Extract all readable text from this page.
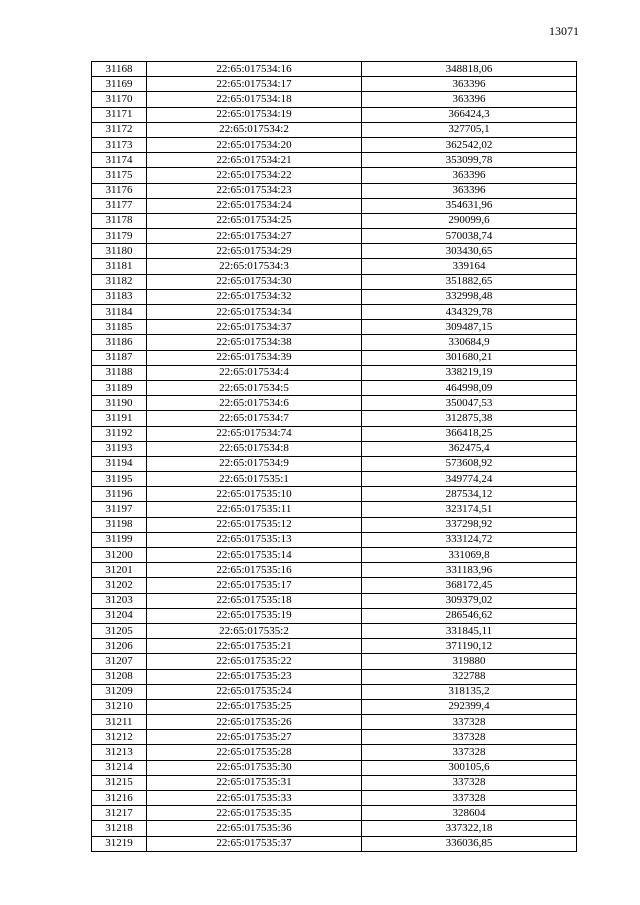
13071
31168	22:65:017534:16	348818,06
31169	22:65:017534:17	363396
31170	22:65:017534:18	363396
31171	22:65:017534:19	366424,3
31172	22:65:017534:2	327705,1
31173	22:65:017534:20	362542,02
31174	22:65:017534:21	353099,78
31175	22:65:017534:22	363396
31176	22:65:017534:23	363396
31177	22:65:017534:24	354631,96
31178	22:65:017534:25	290099,6
31179	22:65:017534:27	570038,74
31180	22:65:017534:29	303430,65
31181	22:65:017534:3	339164
31182	22:65:017534:30	351882,65
31183	22:65:017534:32	332998,48
31184	22:65:017534:34	434329,78
31185	22:65:017534:37	309487,15
31186	22:65:017534:38	330684,9
31187	22:65:017534:39	301680,21
31188	22:65:017534:4	338219,19
31189	22:65:017534:5	464998,09
31190	22:65:017534:6	350047,53
31191	22:65:017534:7	312875,38
31192	22:65:017534:74	366418,25
31193	22:65:017534:8	362475,4
31194	22:65:017534:9	573608,92
31195	22:65:017535:1	349774,24
31196	22:65:017535:10	287534,12
31197	22:65:017535:11	323174,51
31198	22:65:017535:12	337298,92
31199	22:65:017535:13	333124,72
31200	22:65:017535:14	331069,8
31201	22:65:017535:16	331183,96
31202	22:65:017535:17	368172,45
31203	22:65:017535:18	309379,02
31204	22:65:017535:19	286546,62
31205	22:65:017535:2	331845,11
31206	22:65:017535:21	371190,12
31207	22:65:017535:22	319880
31208	22:65:017535:23	322788
31209	22:65:017535:24	318135,2
31210	22:65:017535:25	292399,4
31211	22:65:017535:26	337328
31212	22:65:017535:27	337328
31213	22:65:017535:28	337328
31214	22:65:017535:30	300105,6
31215	22:65:017535:31	337328
31216	22:65:017535:33	337328
31217	22:65:017535:35	328604
31218	22:65:017535:36	337322,18
31219	22:65:017535:37	336036,85
